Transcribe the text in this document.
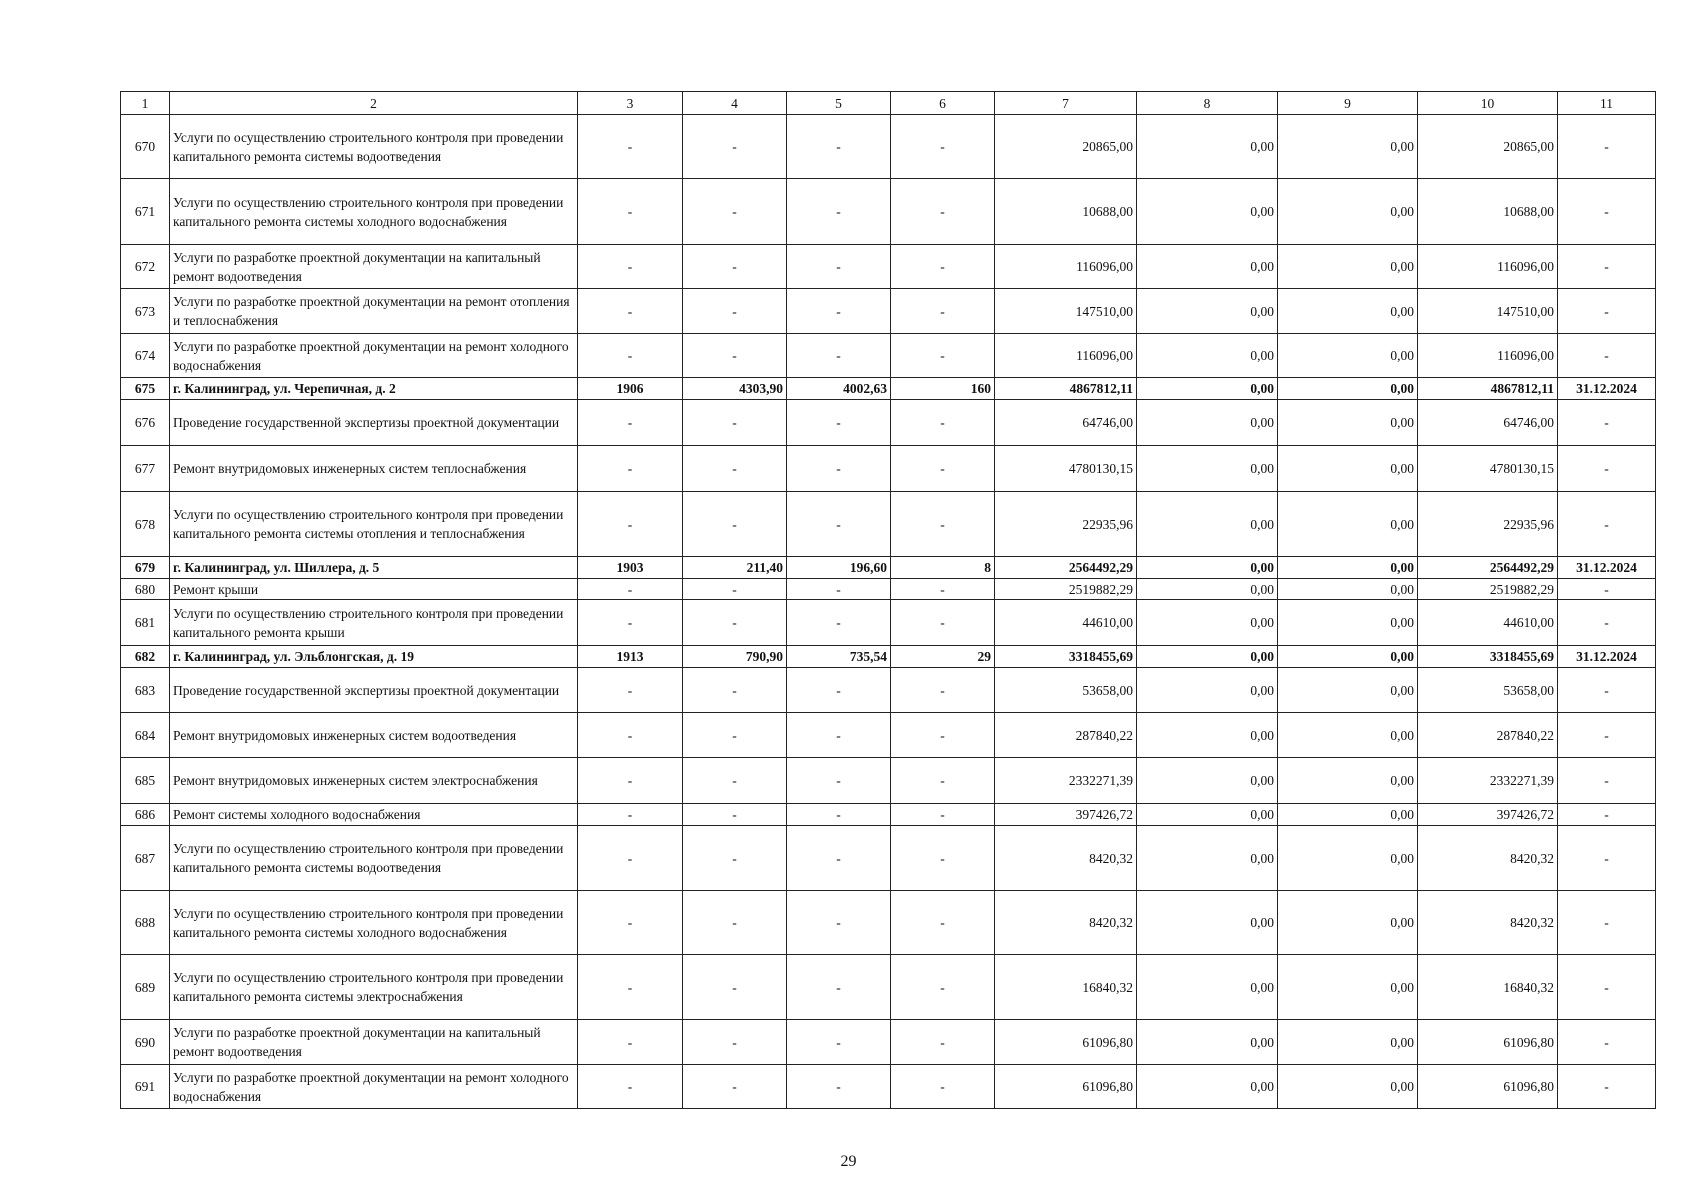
1	2	3	4	5	6	7	8	9	10	11
670	Услуги по осуществлению строительного контроля при проведении капитального ремонта системы водоотведения	-	-	-	-	20865,00	0,00	0,00	20865,00	-
671	Услуги по осуществлению строительного контроля при проведении капитального ремонта системы холодного водоснабжения	-	-	-	-	10688,00	0,00	0,00	10688,00	-
672	Услуги по разработке проектной документации на капитальный ремонт водоотведения	-	-	-	-	116096,00	0,00	0,00	116096,00	-
673	Услуги по разработке проектной документации на ремонт отопления и теплоснабжения	-	-	-	-	147510,00	0,00	0,00	147510,00	-
674	Услуги по разработке проектной документации на ремонт холодного водоснабжения	-	-	-	-	116096,00	0,00	0,00	116096,00	-
675	г. Калининград, ул. Черепичная, д. 2	1906	4303,90	4002,63	160	4867812,11	0,00	0,00	4867812,11	31.12.2024
676	Проведение государственной экспертизы проектной документации	-	-	-	-	64746,00	0,00	0,00	64746,00	-
677	Ремонт внутридомовых инженерных систем теплоснабжения	-	-	-	-	4780130,15	0,00	0,00	4780130,15	-
678	Услуги по осуществлению строительного контроля при проведении капитального ремонта системы отопления и теплоснабжения	-	-	-	-	22935,96	0,00	0,00	22935,96	-
679	г. Калининград, ул. Шиллера, д. 5	1903	211,40	196,60	8	2564492,29	0,00	0,00	2564492,29	31.12.2024
680	Ремонт крыши	-	-	-	-	2519882,29	0,00	0,00	2519882,29	-
681	Услуги по осуществлению строительного контроля при проведении капитального ремонта крыши	-	-	-	-	44610,00	0,00	0,00	44610,00	-
682	г. Калининград, ул. Эльблонгская, д. 19	1913	790,90	735,54	29	3318455,69	0,00	0,00	3318455,69	31.12.2024
683	Проведение государственной экспертизы проектной документации	-	-	-	-	53658,00	0,00	0,00	53658,00	-
684	Ремонт внутридомовых инженерных систем водоотведения	-	-	-	-	287840,22	0,00	0,00	287840,22	-
685	Ремонт внутридомовых инженерных систем электроснабжения	-	-	-	-	2332271,39	0,00	0,00	2332271,39	-
686	Ремонт системы холодного водоснабжения	-	-	-	-	397426,72	0,00	0,00	397426,72	-
687	Услуги по осуществлению строительного контроля при проведении капитального ремонта системы водоотведения	-	-	-	-	8420,32	0,00	0,00	8420,32	-
688	Услуги по осуществлению строительного контроля при проведении капитального ремонта системы холодного водоснабжения	-	-	-	-	8420,32	0,00	0,00	8420,32	-
689	Услуги по осуществлению строительного контроля при проведении капитального ремонта системы электроснабжения	-	-	-	-	16840,32	0,00	0,00	16840,32	-
690	Услуги по разработке проектной документации на капитальный ремонт водоотведения	-	-	-	-	61096,80	0,00	0,00	61096,80	-
691	Услуги по разработке проектной документации на ремонт холодного водоснабжения	-	-	-	-	61096,80	0,00	0,00	61096,80	-
29
